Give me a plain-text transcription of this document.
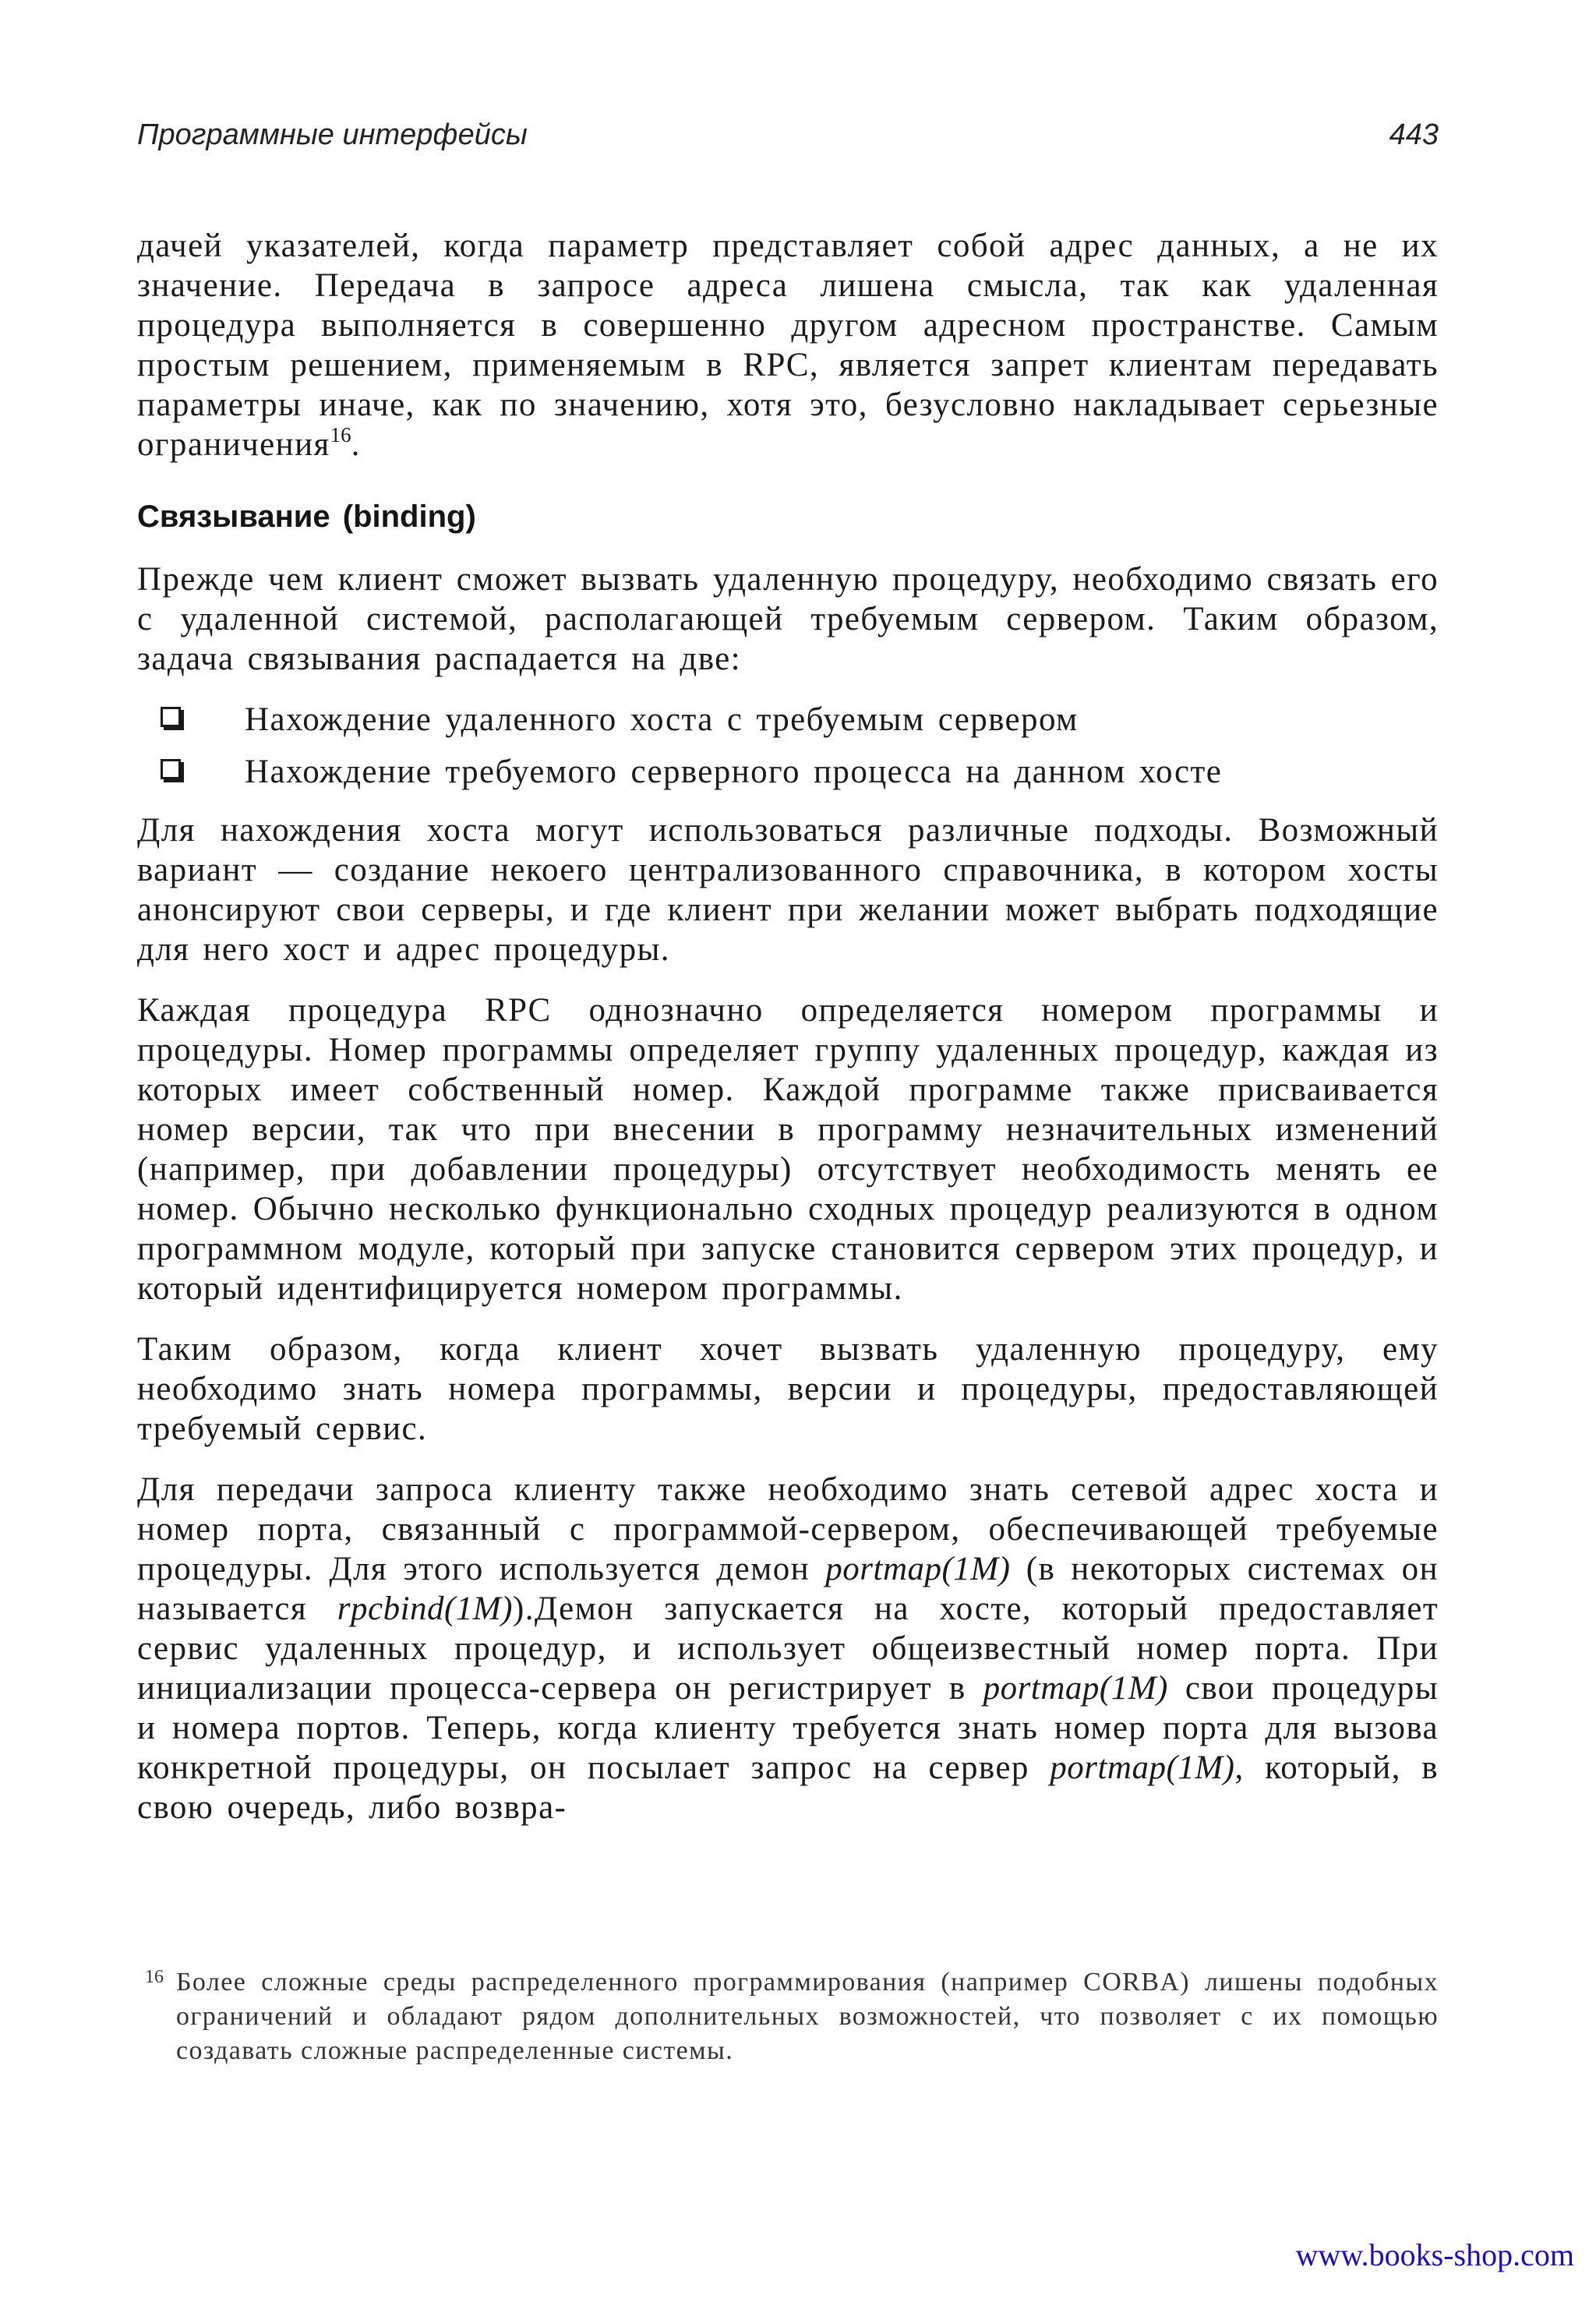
Программные интерфейсы	443

дачей указателей, когда параметр представляет собой адрес данных, а не их значение. Передача в запросе адреса лишена смысла, так как удаленная процедура выполняется в совершенно другом адресном пространстве. Самым простым решением, применяемым в RPC, является запрет клиентам передавать параметры иначе, как по значению, хотя это, безусловно накладывает серьезные ограничения$^{16}$.

Связывание (binding)

Прежде чем клиент сможет вызвать удаленную процедуру, необходимо связать его с удаленной системой, располагающей требуемым сервером. Таким образом, задача связывания распадается на две:

Нахождение удаленного хоста с требуемым сервером
Нахождение требуемого серверного процесса на данном хосте

Для нахождения хоста могут использоваться различные подходы. Возможный вариант — создание некоего централизованного справочника, в котором хосты анонсируют свои серверы, и где клиент при желании может выбрать подходящие для него хост и адрес процедуры.

Каждая процедура RPC однозначно определяется номером программы и процедуры. Номер программы определяет группу удаленных процедур, каждая из которых имеет собственный номер. Каждой программе также присваивается номер версии, так что при внесении в программу незначительных изменений (например, при добавлении процедуры) отсутствует необходимость менять ее номер. Обычно несколько функционально сходных процедур реализуются в одном программном модуле, который при запуске становится сервером этих процедур, и который идентифицируется номером программы.

Таким образом, когда клиент хочет вызвать удаленную процедуру, ему необходимо знать номера программы, версии и процедуры, предоставляющей требуемый сервис.

Для передачи запроса клиенту также необходимо знать сетевой адрес хоста и номер порта, связанный с программой-сервером, обеспечивающей требуемые процедуры. Для этого используется демон portmap(1M) (в некоторых системах он называется rpcbind(1M)).Демон запускается на хосте, который предоставляет сервис удаленных процедур, и использует общеизвестный номер порта. При инициализации процесса-сервера он регистрирует в portmap(1M) свои процедуры и номера портов. Теперь, когда клиенту требуется знать номер порта для вызова конкретной процедуры, он посылает запрос на сервер portmap(1M), который, в свою очередь, либо возвра-

16 Более сложные среды распределенного программирования (например CORBA) лишены подобных ограничений и обладают рядом дополнительных возможностей, что позволяет с их помощью создавать сложные распределенные системы.
www.books-shop.com
